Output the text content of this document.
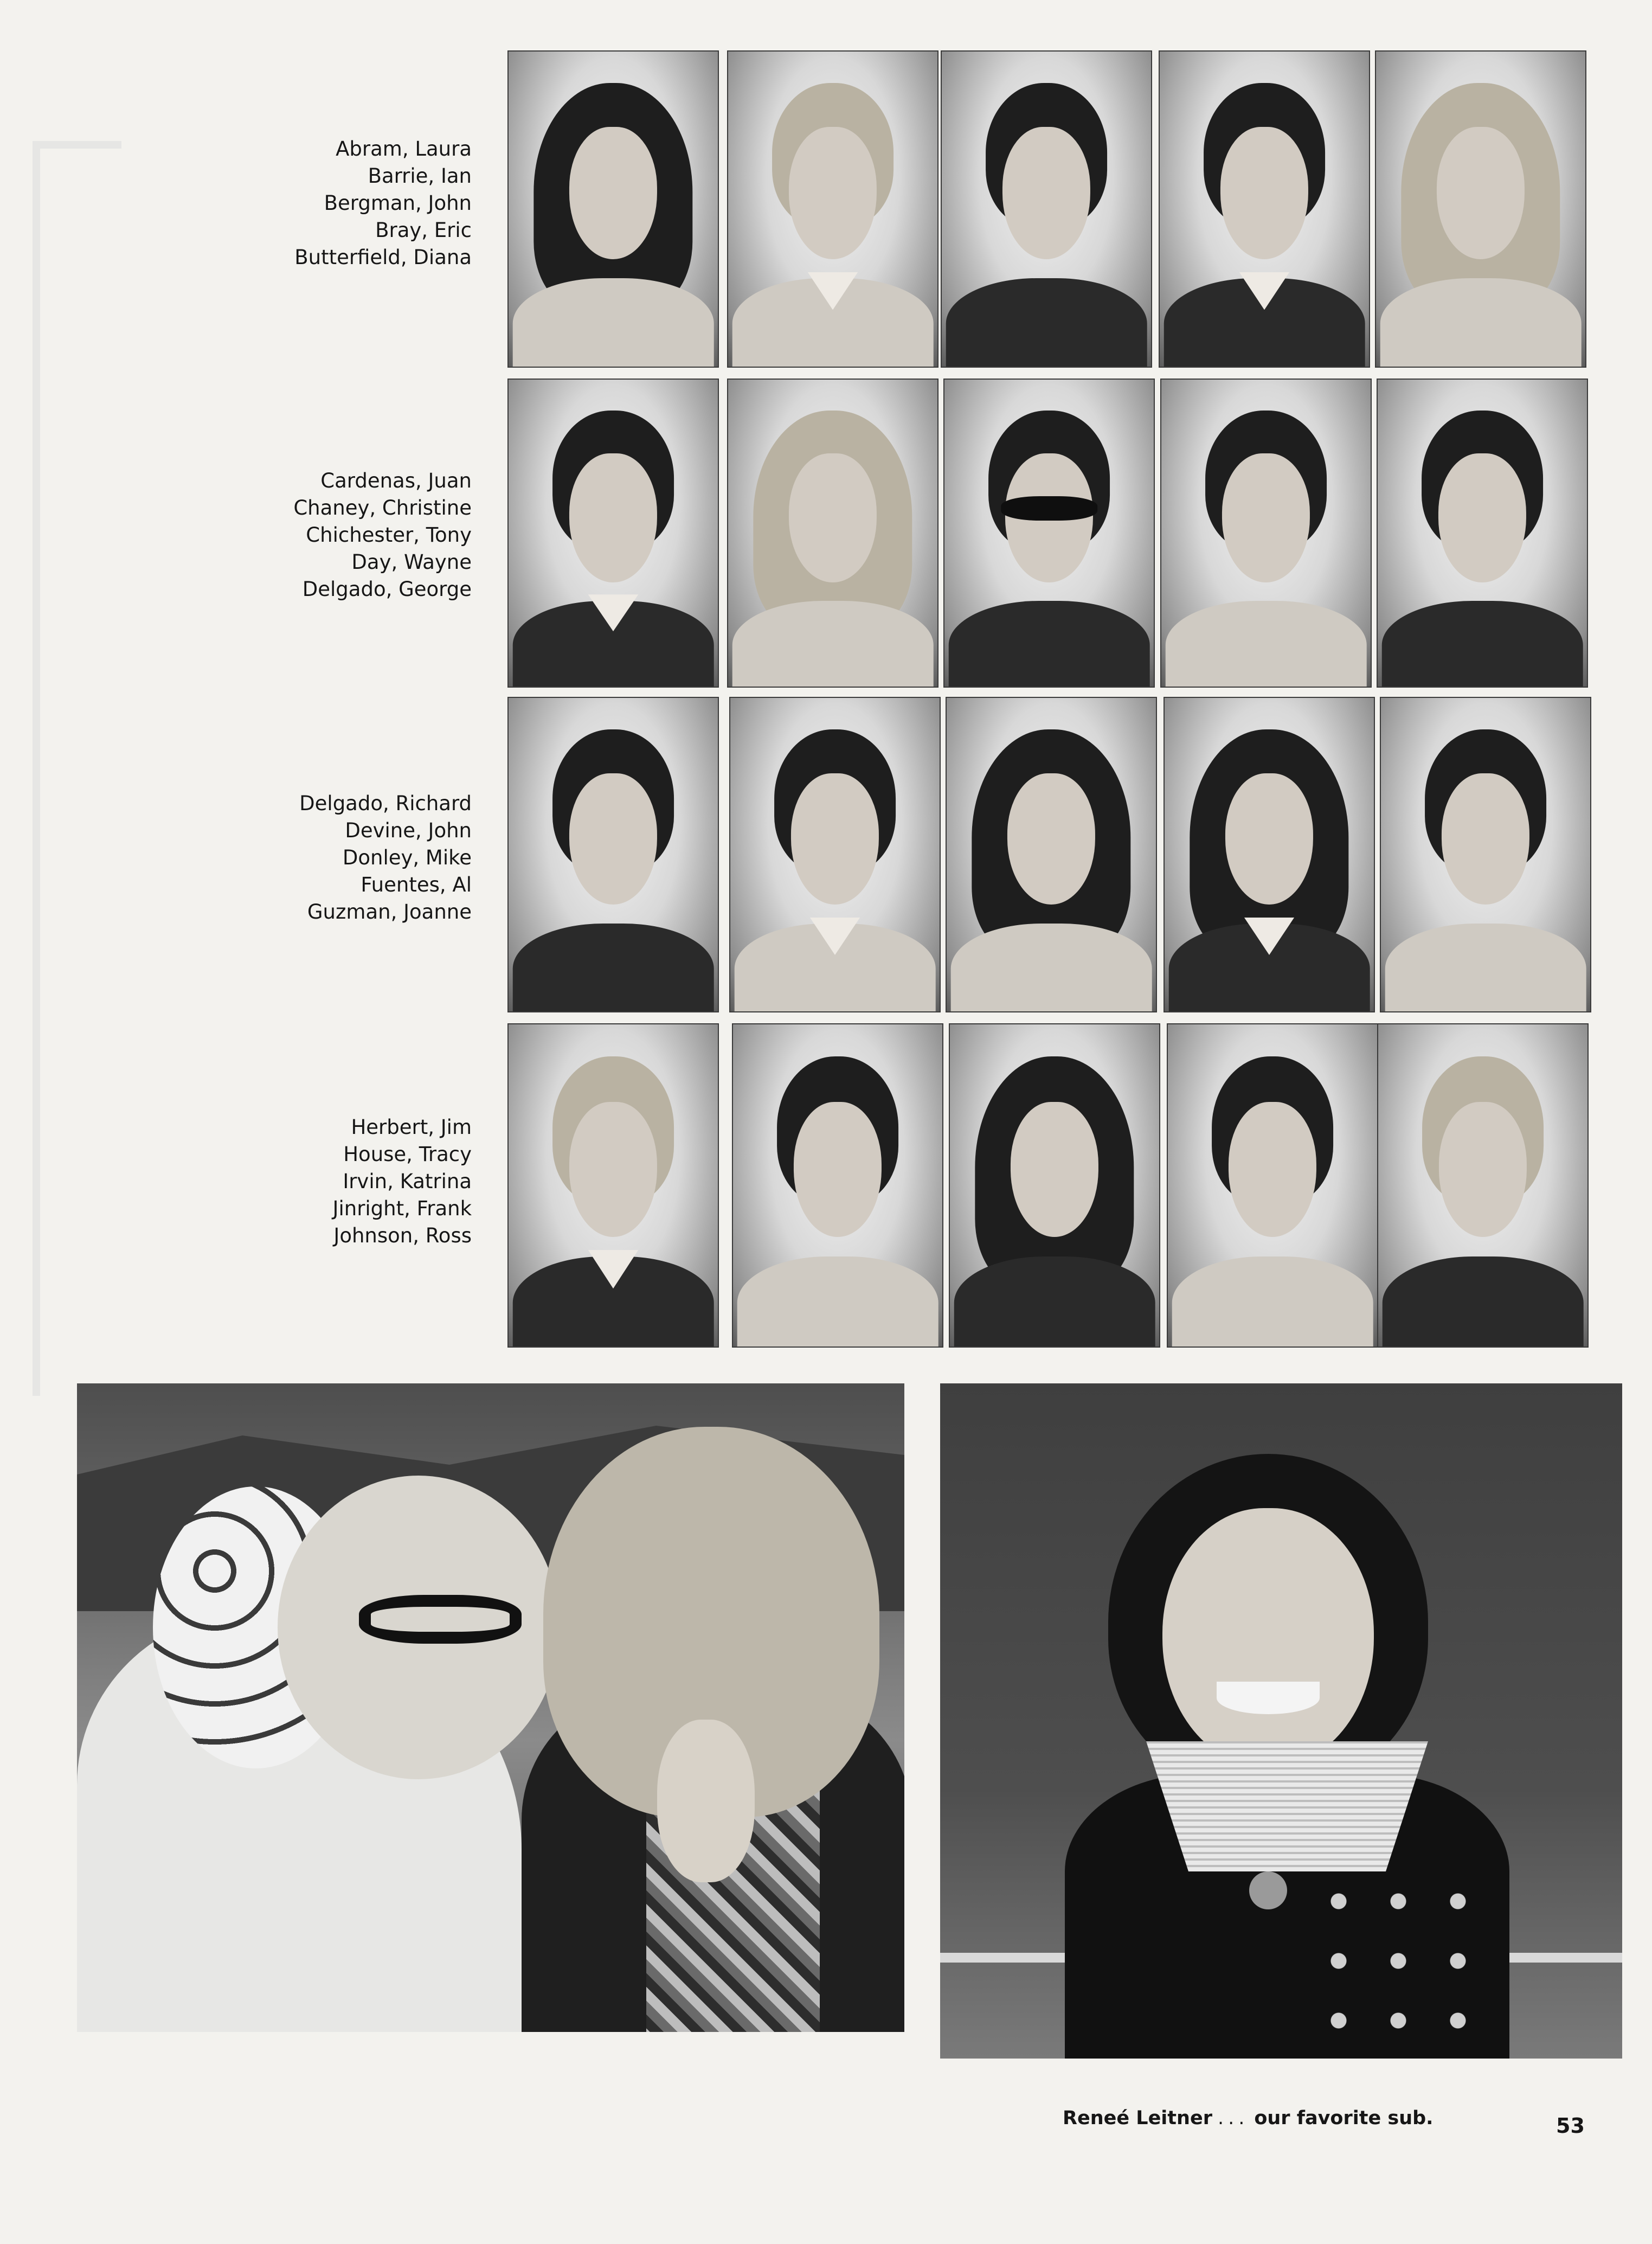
Abram, Laura
Barrie, Ian
Bergman, John
Bray, Eric
Butterfield, Diana
Cardenas, Juan
Chaney, Christine
Chichester, Tony
Day, Wayne
Delgado, George
Delgado, Richard
Devine, John
Donley, Mike
Fuentes, Al
Guzman, Joanne
Herbert, Jim
House, Tracy
Irvin, Katrina
Jinright, Frank
Johnson, Ross
Reneé Leitner ... our favorite sub.	53
